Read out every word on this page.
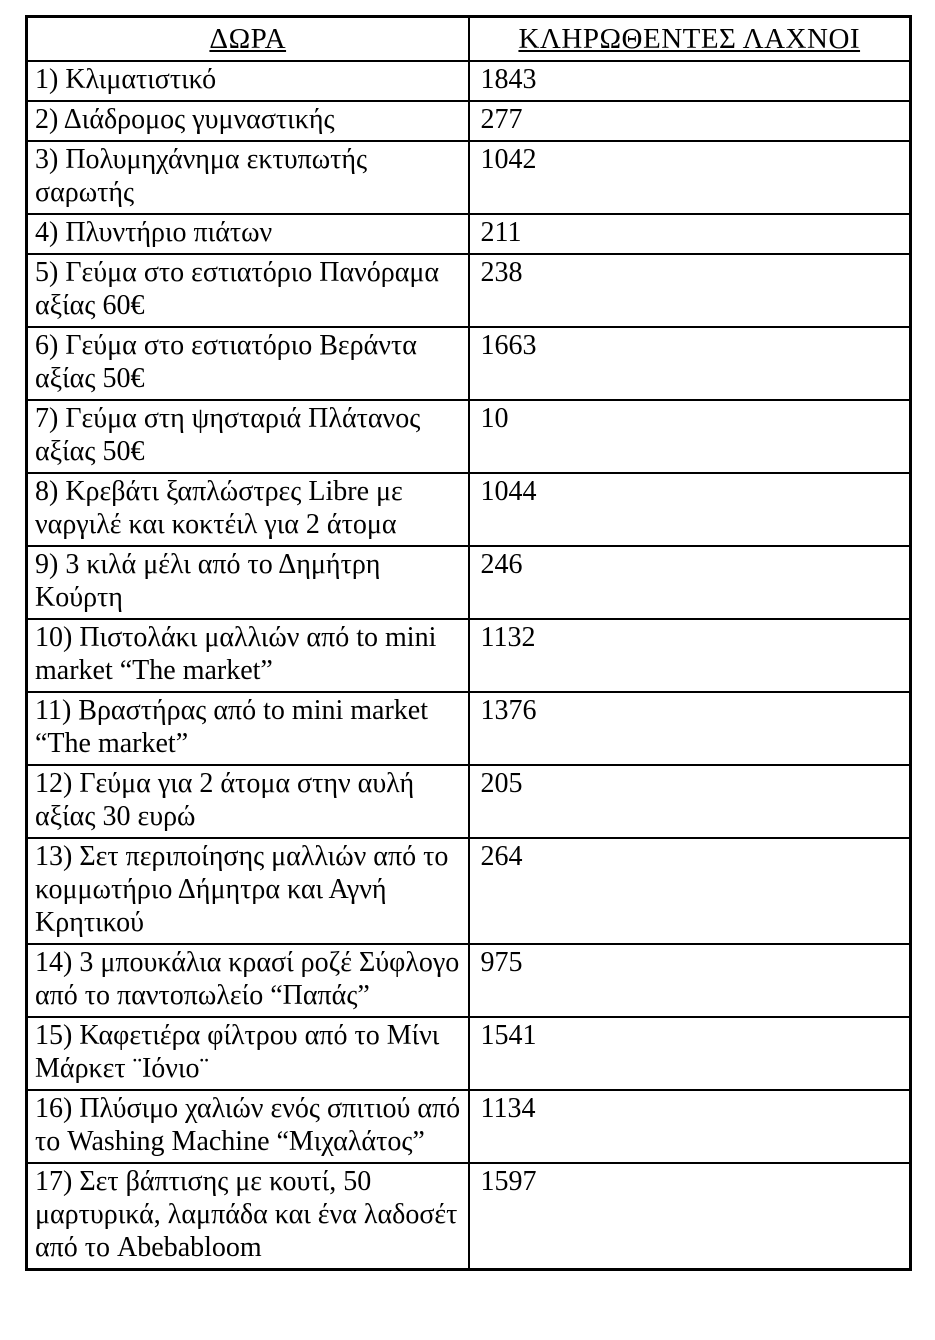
ΔΩΡΑ	ΚΛΗΡΩΘΕΝΤΕΣ ΛΑΧΝΟΙ
1) Κλιματιστικό	1843
2) Διάδρομος γυμναστικής	277
3) Πολυμηχάνημα εκτυπωτής σαρωτής	1042
4) Πλυντήριο πιάτων	211
5) Γεύμα στο εστιατόριο Πανόραμα αξίας 60€	238
6) Γεύμα στο εστιατόριο Βεράντα αξίας 50€	1663
7) Γεύμα στη ψησταριά Πλάτανος αξίας 50€	10
8) Κρεβάτι ξαπλώστρες Libre με ναργιλέ και κοκτέιλ για 2 άτομα	1044
9) 3 κιλά μέλι από το Δημήτρη Κούρτη	246
10) Πιστολάκι μαλλιών από to mini market “The market”	1132
11) Βραστήρας από to mini market “The market”	1376
12) Γεύμα για 2 άτομα στην αυλή αξίας 30 ευρώ	205
13) Σετ περιποίησης μαλλιών από το κομμωτήριο Δήμητρα και Αγνή Κρητικού	264
14) 3 μπουκάλια κρασί ροζέ Σύφλογο από το παντοπωλείο “Παπάς”	975
15) Καφετιέρα φίλτρου από το Μίνι Μάρκετ ¨Ιόνιο¨	1541
16) Πλύσιμο χαλιών ενός σπιτιού από το Washing Machine “Μιχαλάτος”	1134
17) Σετ βάπτισης με κουτί, 50 μαρτυρικά, λαμπάδα και ένα λαδοσέτ από το Abebabloom	1597
